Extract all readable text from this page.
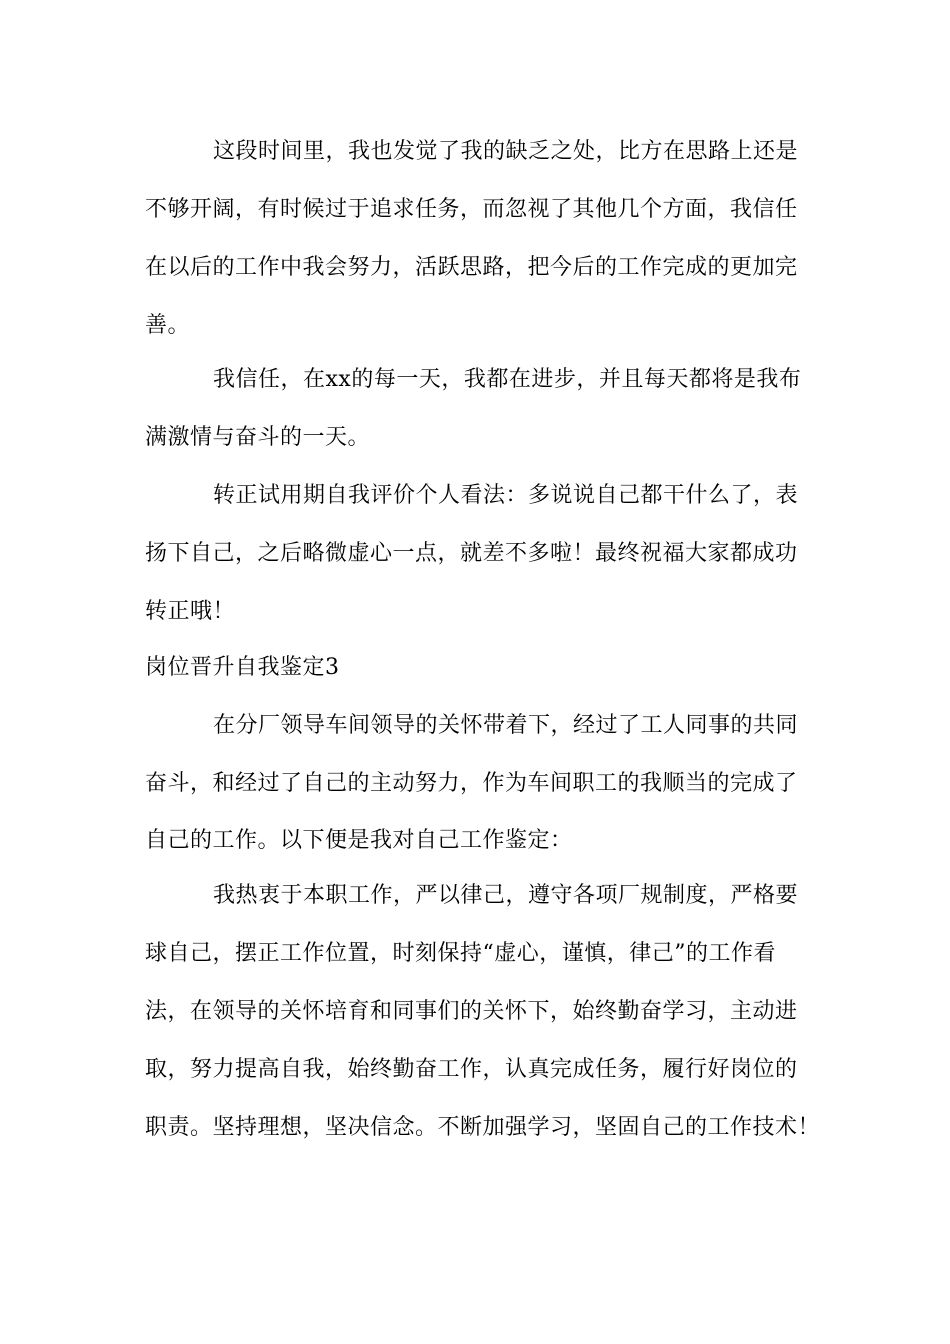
这段时间里，我也发觉了我的缺乏之处，比方在思路上还是
不够开阔，有时候过于追求任务，而忽视了其他几个方面，我信任
在以后的工作中我会努力，活跃思路，把今后的工作完成的更加完
善。
我信任，在xx的每一天，我都在进步，并且每天都将是我布
满激情与奋斗的一天。
转正试用期自我评价个人看法：多说说自己都干什么了，表
扬下自己，之后略微虚心一点，就差不多啦！最终祝福大家都成功
转正哦！
岗位晋升自我鉴定3
在分厂领导车间领导的关怀带着下，经过了工人同事的共同
奋斗，和经过了自己的主动努力，作为车间职工的我顺当的完成了
自己的工作。以下便是我对自己工作鉴定：
我热衷于本职工作，严以律己，遵守各项厂规制度，严格要
球自己，摆正工作位置，时刻保持“虚心，谨慎，律己”的工作看
法，在领导的关怀培育和同事们的关怀下，始终勤奋学习，主动进
取，努力提高自我，始终勤奋工作，认真完成任务，履行好岗位的
职责。坚持理想，坚决信念。不断加强学习，坚固自己的工作技术！
